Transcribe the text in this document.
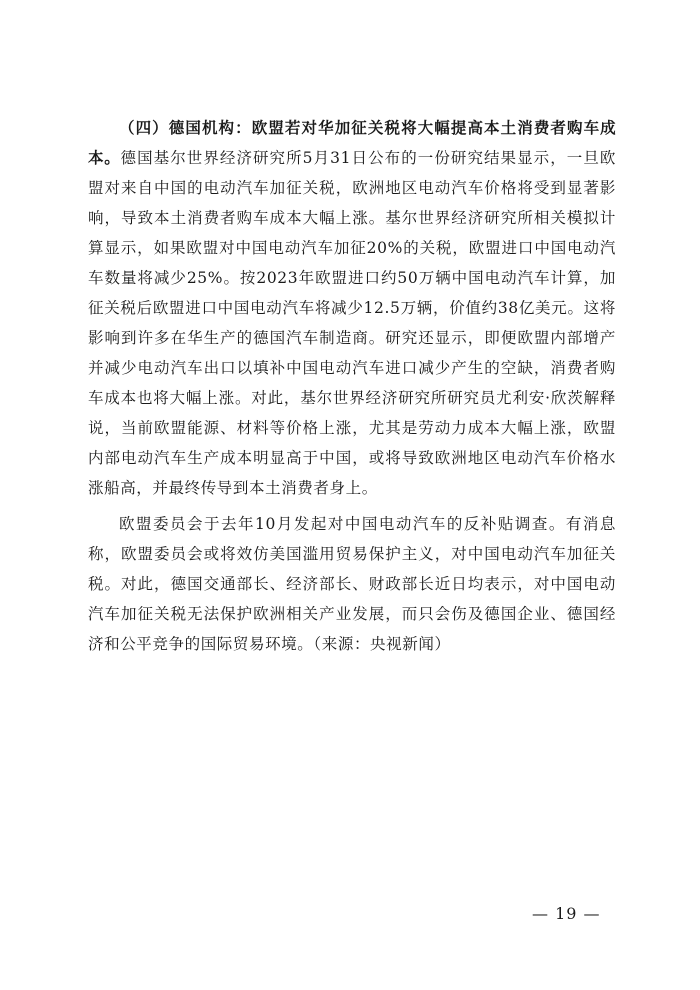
（四）德国机构：欧盟若对华加征关税将大幅提高本土消费者购车成本。德国基尔世界经济研究所5月31日公布的一份研究结果显示，一旦欧盟对来自中国的电动汽车加征关税，欧洲地区电动汽车价格将受到显著影响，导致本土消费者购车成本大幅上涨。基尔世界经济研究所相关模拟计算显示，如果欧盟对中国电动汽车加征20%的关税，欧盟进口中国电动汽车数量将减少25%。按2023年欧盟进口约50万辆中国电动汽车计算，加征关税后欧盟进口中国电动汽车将减少12.5万辆，价值约38亿美元。这将影响到许多在华生产的德国汽车制造商。研究还显示，即便欧盟内部增产并减少电动汽车出口以填补中国电动汽车进口减少产生的空缺，消费者购车成本也将大幅上涨。对此，基尔世界经济研究所研究员尤利安·欣茨解释说，当前欧盟能源、材料等价格上涨，尤其是劳动力成本大幅上涨，欧盟内部电动汽车生产成本明显高于中国，或将导致欧洲地区电动汽车价格水涨船高，并最终传导到本土消费者身上。

欧盟委员会于去年10月发起对中国电动汽车的反补贴调查。有消息称，欧盟委员会或将效仿美国滥用贸易保护主义，对中国电动汽车加征关税。对此，德国交通部长、经济部长、财政部长近日均表示，对中国电动汽车加征关税无法保护欧洲相关产业发展，而只会伤及德国企业、德国经济和公平竞争的国际贸易环境。（来源：央视新闻）

— 19 —
